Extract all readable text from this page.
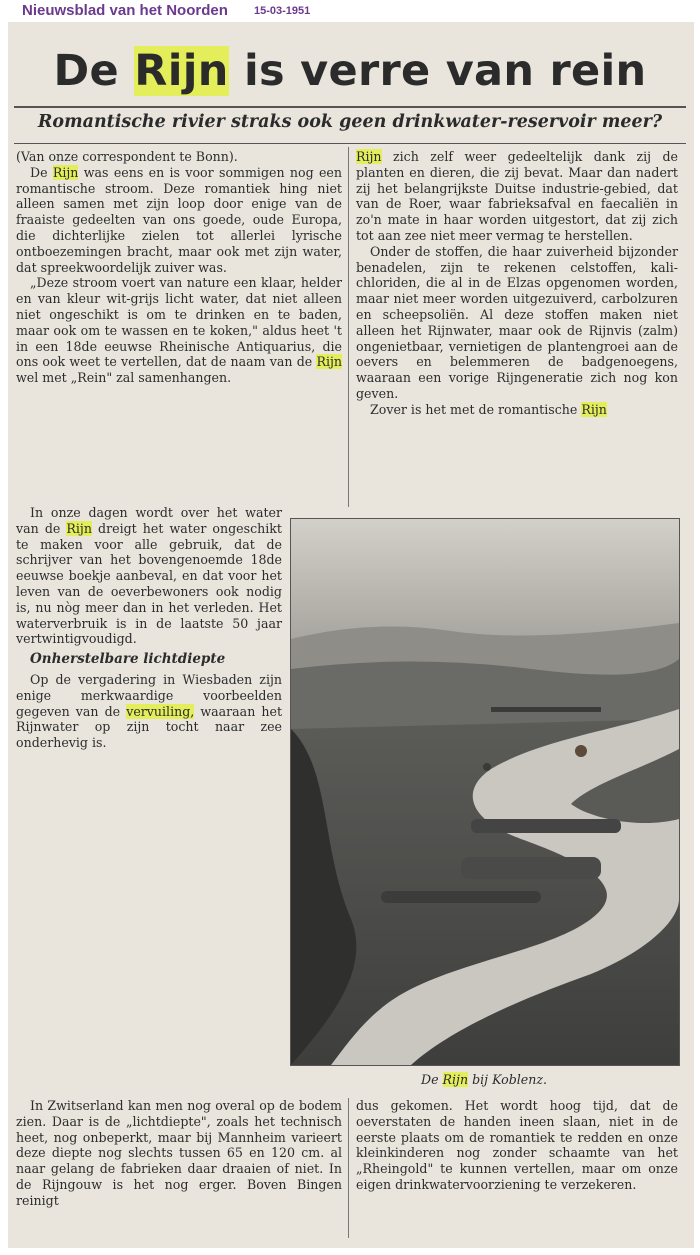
Nieuwsblad van het Noorden 15-03-1951
De Rijn is verre van rein
Romantische rivier straks ook geen drinkwater-reservoir meer?

(Van onze correspondent te Bonn).

De Rijn was eens en is voor sommigen nog een romantische stroom. Deze romantiek hing niet alleen samen met zijn loop door enige van de fraaiste gedeelten van ons goede, oude Europa, die dichterlijke zielen tot allerlei lyrische ontboezemingen bracht, maar ook met zijn water, dat spreekwoordelijk zuiver was.

„Deze stroom voert van nature een klaar, helder en van kleur wit-grijs licht water, dat niet alleen niet ongeschikt is om te drinken en te baden, maar ook om te wassen en te koken," aldus heet 't in een 18de eeuwse Rheinische Antiquarius, die ons ook weet te vertellen, dat de naam van de Rijn wel met „Rein" zal samenhangen.

In onze dagen wordt over het water van de Rijn dreigt het water ongeschikt te maken voor alle gebruik, dat de schrijver van het bovengenoemde 18de eeuwse boekje aanbeval, en dat voor het leven van de oeverbewoners ook nodig is, nu nòg meer dan in het verleden. Het waterverbruik is in de laatste 50 jaar vertwintigvoudigd.

Onherstelbare lichtdiepte

Op de vergadering in Wiesbaden zijn enige merkwaardige voorbeelden gegeven van de vervuiling, waaraan het Rijnwater op zijn tocht naar zee onderhevig is.

Rijn zich zelf weer gedeeltelijk dank zij de planten en dieren, die zij bevat. Maar dan nadert zij het belangrijkste Duitse industrie-gebied, dat van de Roer, waar fabrieksafval en faecaliën in zo'n mate in haar worden uitgestort, dat zij zich tot aan zee niet meer vermag te herstellen.

Onder de stoffen, die haar zuiverheid bijzonder benadelen, zijn te rekenen celstoffen, kali-chloriden, die al in de Elzas opgenomen worden, maar niet meer worden uitgezuiverd, carbolzuren en scheepsoliën. Al deze stoffen maken niet alleen het Rijnwater, maar ook de Rijnvis (zalm) ongenietbaar, vernietigen de plantengroei aan de oevers en belemmeren de badgenoegens, waaraan een vorige Rijngeneratie zich nog kon geven.

Zover is het met de romantische Rijn

De Rijn bij Koblenz.

In Zwitserland kan men nog overal op de bodem zien. Daar is de „lichtdiepte", zoals het technisch heet, nog onbeperkt, maar bij Mannheim varieert deze diepte nog slechts tussen 65 en 120 cm. al naar gelang de fabrieken daar draaien of niet. In de Rijngouw is het nog erger. Boven Bingen reinigt

dus gekomen. Het wordt hoog tijd, dat de oeverstaten de handen ineen slaan, niet in de eerste plaats om de romantiek te redden en onze kleinkinderen nog zonder schaamte van het „Rheingold" te kunnen vertellen, maar om onze eigen drinkwatervoorziening te verzekeren.
